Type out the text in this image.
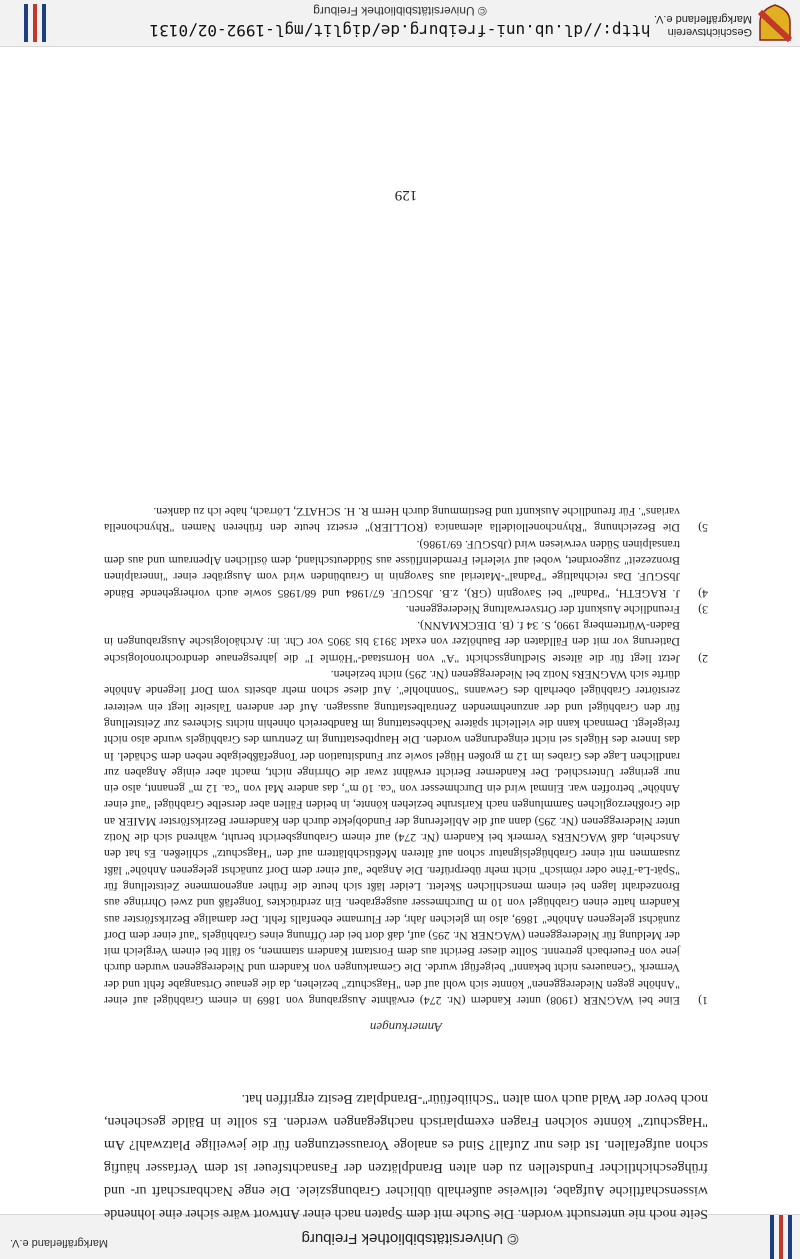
© Universitätsbibliothek Freiburg
Markgräflerland e.V.
Seite noch nie untersucht worden. Die Suche mit dem Spaten nach einer Antwort wäre sicher eine lohnende wissenschaftliche Aufgabe, teilweise außerhalb üblicher Grabungsziele. Die enge Nachbarschaft ur- und frühgeschichtlicher Fundstellen zu den alten Brandplätzen der Fasnachtsfeuer ist dem Verfasser häufig schon aufgefallen. Ist dies nur Zufall? Sind es analoge Voraussetzungen für die jeweilige Platzwahl? Am "Hagschutz" könnte solchen Fragen exemplarisch nachgegangen werden. Es sollte in Bälde geschehen, noch bevor der Wald auch vom alten "Schiibefüür"-Brandplatz Besitz ergriffen hat.
Anmerkungen
1)
Eine bei WAGNER (1908) unter Kandern (Nr. 274) erwähnte Ausgrabung von 1869 in einem Grabhügel auf einer "Anhöhe gegen Niedereggenen" könnte sich wohl auf den "Hagschutz" beziehen, da die genaue Ortsangabe fehlt und der Vermerk "Genaueres nicht bekannt" beigefügt wurde. Die Gemarkungen von Kandern und Niedereggenen wurden durch jene von Feuerbach getrennt. Sollte dieser Bericht aus dem Forstamt Kandern stammen, so fällt bei einem Vergleich mit der Meldung für Niedereggenen (WAGNER Nr. 295) auf, daß dort bei der Öffnung eines Grabhügels "auf einer dem Dorf zunächst gelegenen Anhöhe" 1869, also im gleichen Jahr, der Flurname ebenfalls fehlt. Der damalige Bezirksförster aus Kandern hatte einen Grabhügel von 10 m Durchmesser ausgegraben. Ein zerdrücktes Tongefäß und zwei Ohrringe aus Bronzedraht lagen bei einem menschlichen Skelett. Leider läßt sich heute die früher angenommene Zeitstellung für "Spät-La-Tène oder römisch" nicht mehr überprüfen. Die Angabe "auf einer dem Dorf zunächst gelegenen Anhöhe" läßt zusammen mit einer Grabhügelsignatur schon auf älteren Meßtischblättern auf den "Hagschutz" schließen. Es hat den Anschein, daß WAGNERs Vermerk bei Kandern (Nr. 274) auf einem Grabungsbericht beruht, während sich die Notiz unter Niedereggenen (Nr. 295) dann auf die Ablieferung der Fundobjekte durch den Kanderner Bezirksförster MAIER an die Großherzoglichen Sammlungen nach Karlsruhe beziehen könnte, in beiden Fällen aber derselbe Grabhügel "auf einer Anhöhe" betroffen war. Einmal wird ein Durchmesser von "ca. 10 m", das andere Mal von "ca. 12 m" genannt, also ein nur geringer Unterschied. Der Kanderner Bericht erwähnt zwar die Ohrringe nicht, macht aber einige Angaben zur randlichen Lage des Grabes im 12 m großen Hügel sowie zur Fundsituation der Tongefäßbeigabe neben dem Schädel. In das Innere des Hügels sei nicht eingedrungen worden. Die Hauptbestattung im Zentrum des Grabhügels wurde also nicht freigelegt. Demnach kann die vielleicht spätere Nachbestattung im Randbereich ohnehin nichts Sicheres zur Zeitstellung für den Grabhügel und der anzunehmenden Zentralbestattung aussagen. Auf der anderen Talseite liegt ein weiterer zerstörter Grabhügel oberhalb des Gewanns "Sonnhohle". Auf diese schon mehr abseits vom Dorf liegende Anhöhe dürfte sich WAGNERs Notiz bei Niedereggenen (Nr. 295) nicht beziehen.
2)
Jetzt liegt für die älteste Siedlungsschicht "A" von Hornstaad-"Hörnle I" die jahresgenaue dendrochronologische Datierung vor mit den Fälldaten der Bauhölzer von exakt 3913 bis 3905 vor Chr. in: Archäologische Ausgrabungen in Baden-Württemberg 1990, S. 34 f. (B. DIECKMANN).
3)
Freundliche Auskunft der Ortsverwaltung Niedereggenen.
4)
J. RAGETH, "Padnal" bei Savognin (GR), z.B. JbSGUF. 67/1984 und 68/1985 sowie auch vorhergehende Bände JbSGUF. Das reichhaltige "Padnal"-Material aus Savognin in Graubünden wird vom Ausgräber einer "inneralpinen Bronzezeit" zugeordnet, wobei auf vielerlei Fremdeinflüsse aus Süddeutschland, dem östlichen Alpenraum und aus dem transalpinen Süden verwiesen wird (JbSGUF. 69/1986).
5)
Die Bezeichnung "Rhynchonelloidella alemanica (ROLLIER)" ersetzt heute den früheren Namen "Rhynchonella varians". Für freundliche Auskunft und Bestimmung durch Herrn R. H. SCHATZ, Lörrach, habe ich zu danken.
129
Geschichtsverein
Markgräflerland e.V.
http://dl.ub.uni-freiburg.de/diglit/mgl-1992-02/0131
© Universitätsbibliothek Freiburg
